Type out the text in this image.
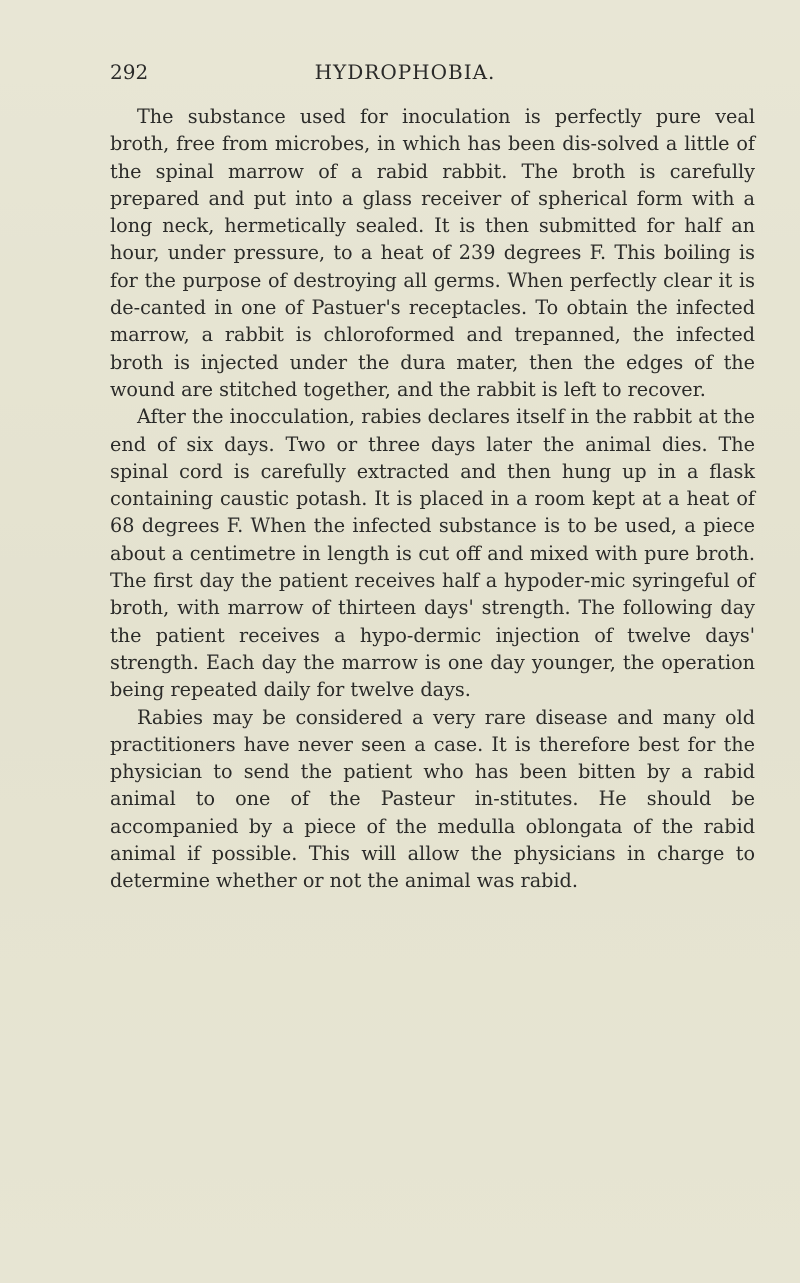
292	HYDROPHOBIA.

The substance used for inoculation is perfectly pure veal broth, free from microbes, in which has been dis-solved a little of the spinal marrow of a rabid rabbit. The broth is carefully prepared and put into a glass receiver of spherical form with a long neck, hermetically sealed. It is then submitted for half an hour, under pressure, to a heat of 239 degrees F. This boiling is for the purpose of destroying all germs. When perfectly clear it is de-canted in one of Pastuer's receptacles. To obtain the infected marrow, a rabbit is chloroformed and trepanned, the infected broth is injected under the dura mater, then the edges of the wound are stitched together, and the rabbit is left to recover.

After the inocculation, rabies declares itself in the rabbit at the end of six days. Two or three days later the animal dies. The spinal cord is carefully extracted and then hung up in a flask containing caustic potash. It is placed in a room kept at a heat of 68 degrees F. When the infected substance is to be used, a piece about a centimetre in length is cut off and mixed with pure broth. The first day the patient receives half a hypoder-mic syringeful of broth, with marrow of thirteen days' strength. The following day the patient receives a hypo-dermic injection of twelve days' strength. Each day the marrow is one day younger, the operation being repeated daily for twelve days.

Rabies may be considered a very rare disease and many old practitioners have never seen a case. It is therefore best for the physician to send the patient who has been bitten by a rabid animal to one of the Pasteur in-stitutes. He should be accompanied by a piece of the medulla oblongata of the rabid animal if possible. This will allow the physicians in charge to determine whether or not the animal was rabid.
